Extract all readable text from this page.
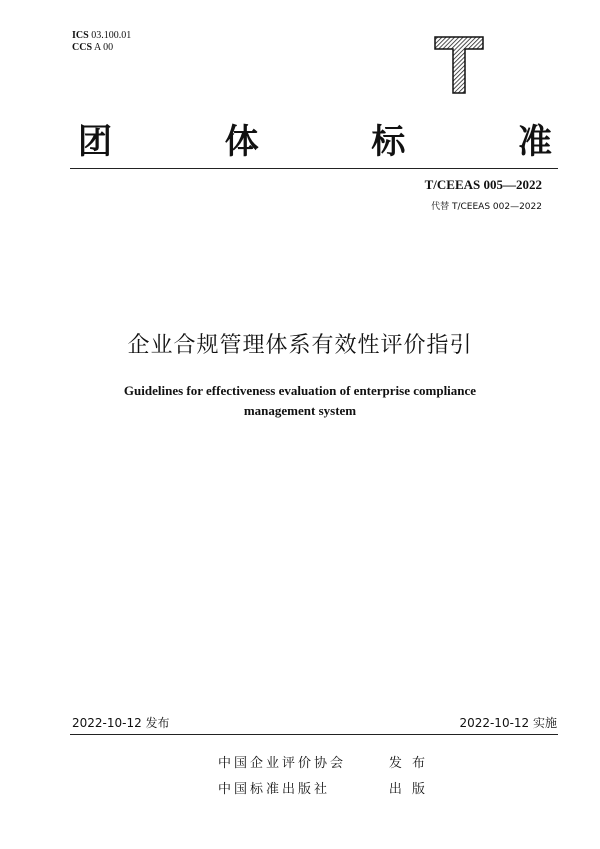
ICS 03.100.01
CCS A 00
团	体	标	准
T/CEEAS 005—2022
代替 T/CEEAS 002—2022
企业合规管理体系有效性评价指引
Guidelines for effectiveness evaluation of enterprise compliance
management system
2022-10-12 发布	2022-10-12 实施
中国企业评价协会	发 布
中国标准出版社	出 版
